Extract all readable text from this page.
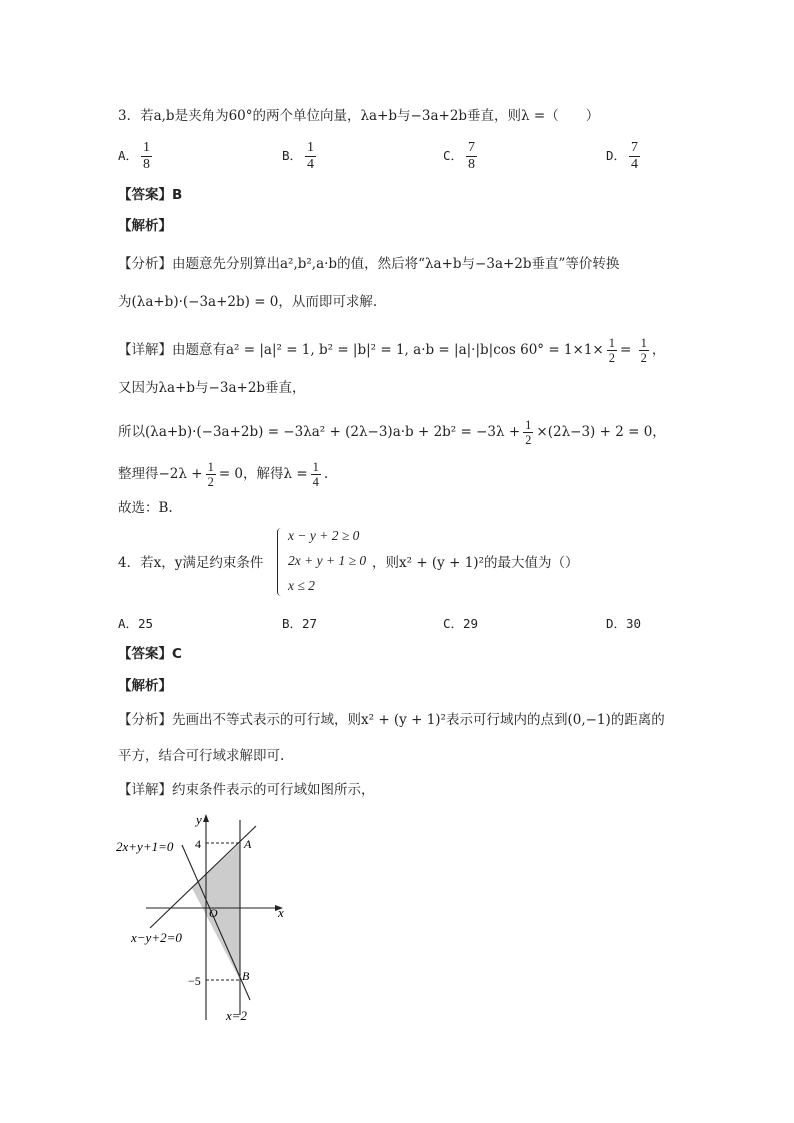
3．若a,b是夹角为60°的两个单位向量，λa+b与−3a+2b垂直，则λ =（　　）
A． $\frac{1}{8}$	B． $\frac{1}{4}$	C． $\frac{7}{8}$	D． $\frac{7}{4}$
【答案】B
【解析】
【分析】由题意先分别算出a²,b²,a·b的值，然后将“λa+b与−3a+2b垂直”等价转换
为(λa+b)·(−3a+2b) = 0，从而即可求解.
【详解】由题意有a² = |a|² = 1, b² = |b|² = 1, a·b = |a|·|b|cos $60^\circ = 1\times 1\times \frac{1}{2} = \frac{1}{2}$ ，
又因为λa+b与−3a+2b垂直，
所以$(\lambda a+b)\cdot(-3a+2b) = -3\lambda a^2 + (2\lambda-3)a\cdot b + 2b^2 = -3\lambda + \frac{1}{2} \times(2\lambda-3) + 2 = 0$，
整理得$-2\lambda + \frac{1}{2} = 0$，解得$\lambda = \frac{1}{4}$ .
故选：B.
4．若x，y满足约束条件
x − y + 2 ≥ 0
2x + y + 1 ≥ 0
x ≤ 2
，则x² + (y + 1)²的最大值为（）
A．25	B．27	C．29	D．30
【答案】C
【解析】
【分析】先画出不等式表示的可行域，则x² + (y + 1)²表示可行域内的点到(0,−1)的距离的
平方，结合可行域求解即可.
【详解】约束条件表示的可行域如图所示，
y
x
O
A
B
4
−5
2x+y+1=0
x−y+2=0
x=2
